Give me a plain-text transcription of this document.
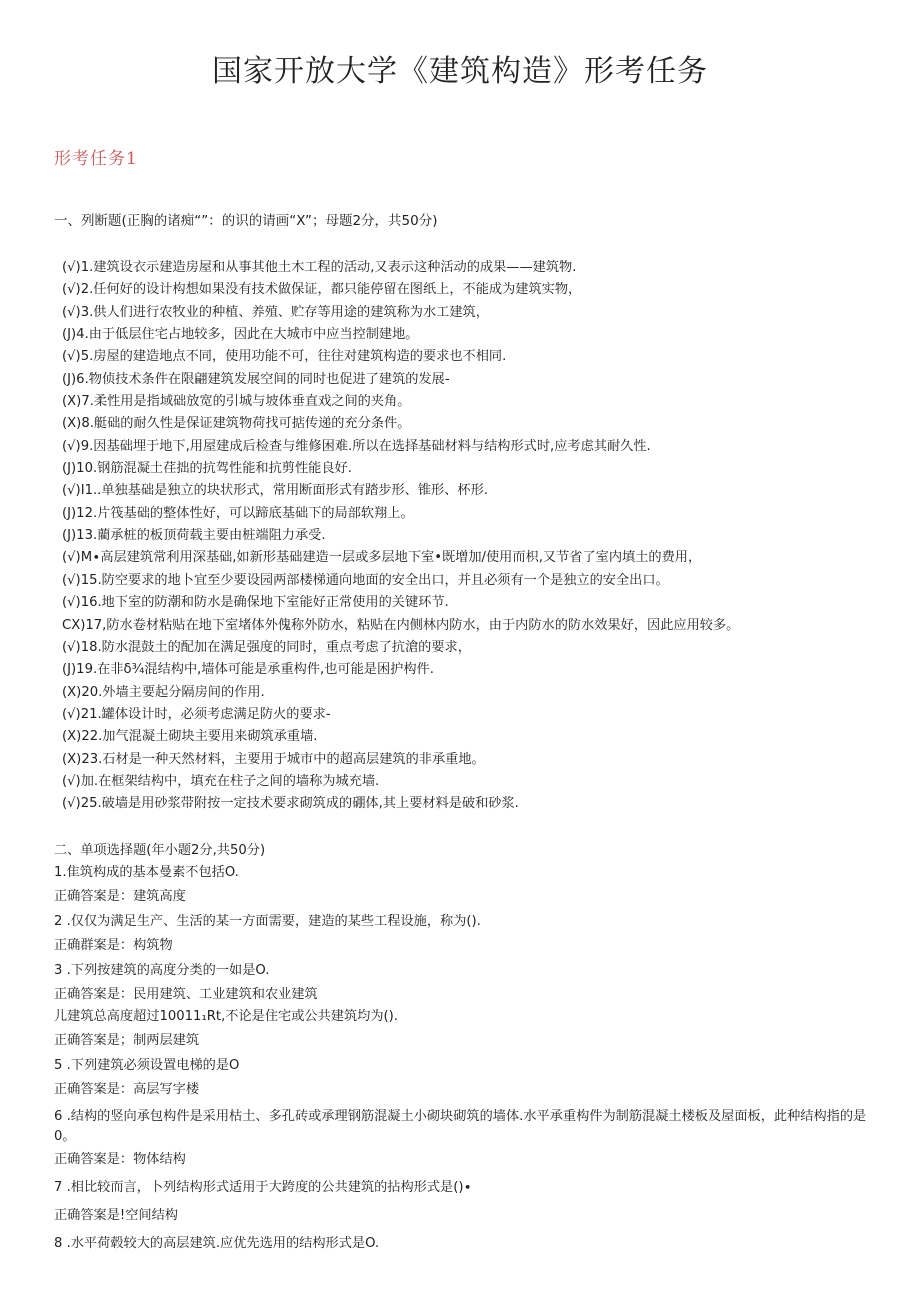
国家开放大学《建筑构造》形考任务
形考任务1
一、列断题(正胸的诸痴“”：的识的请画“X”；母题2分，共50分)
(√)1.建筑设衣示建造房屋和从事其他土木工程的活动,又表示这种活动的成果——建筑物.
(√)2.任何好的设计构想如果没有技术做保证，都只能停留在图纸上，不能成为建筑实物，
(√)3.供人们进行农牧业的种植、养殖、贮存等用途的建筑称为水工建筑，
(J)4.由于低层住宅占地较多，因此在大城市中应当控制建地。
(√)5.房屋的建造地点不同，使用功能不可，往往对建筑构造的要求也不相同.
(J)6.物侦技术条件在限翩建筑发展空间的同时也促进了建筑的发展-
(X)7.柔性用是指域础放宽的引城与坡体垂直戏之间的夹角。
(X)8.艇础的耐久性是保证建筑物荷找可掂传递的充分条件。
(√)9.因基础埋于地下,用屋建成后检查与维修困难.所以在选择基础材料与结构形式时,应考虑其耐久性.
(J)10.钢筋混凝土荏拙的抗驾性能和抗剪性能良好.
(√)I1..单独基础是独立的块状形式，常用断面形式有踏步形、锥形、杯形.
(J)12.片筏基础的整体性好，可以蹄底基础下的局部软翔上。
(J)13.藺承桩的板顶荷载主要由桩端阻力承受.
(√)M∙高层建筑常利用深基础,如新形基础建造一层或多层地下室•既增加/使用而枳,又节省了室内填土的费用，
(√)15.防空要求的地卜宜至少要设园两部楼梯通向地面的安全出口，并且必须有一个是独立的安全出口。
(√)16.地下室的防潮和防水是确保地下室能好正常使用的关键环节.
CX)17,防水卷材粘贴在地下室堵体外傀称外防水，粘贴在内侧林内防水，由于内防水的防水效果好，因此应用较多。
(√)18.防水混鼓土的配加在满足强度的同时，重点考虑了抗滄的要求，
(J)19.在非δ¾混结构中,墙体可能是承重构件,也可能是困护构件.
(X)20.外墙主要起分隔房间的作用.
(√)21.罐体设计时，必须考虑满足防火的要求-
(X)22.加气混凝土砌块主要用来砌筑承重墙.
(X)23.石材是一种天然材料，主要用于城市中的超高层建筑的非承重地。
(√)加.在框架结构中，填充在柱子之间的墙称为城充墙.
(√)25.破墙是用砂浆带附按一定技术要求砌筑成的硼体,其上要材料是破和砂浆.
二、单项选择题(年小题2分,共50分)
1.隹筑构成的基本曼素不包括O.
正确答案是：建筑高度
2 .仅仅为满足生产、生活的某一方面需要，建造的某些工程设施，称为().
正确群案是：构筑物
3 .下列按建筑的高度分类的一如是O.
正确答案是：民用建筑、工业建筑和农业建筑
儿建筑总高度超过10011₁Rt,不论是住宅或公共建筑均为().
正确答案是；制两层建筑
5 .下列建筑必须设置电梯的是O
正确答案是：高层写字楼
6 .结构的竖向承包构件是采用枯土、多孔砖或承理钢筋混凝土小砌块砌筑的墙体.水平承重构件为制筋混凝土楼板及屋面板，此种结构指的是0。
正确答案是：物体结构
7 .相比较而言，卜列结构形式适用于大跨度的公共建筑的拈构形式是()∙
正确答案是!空间结构
8 .水平荷毂较大的高层建筑.应优先选用的结构形式是O.
